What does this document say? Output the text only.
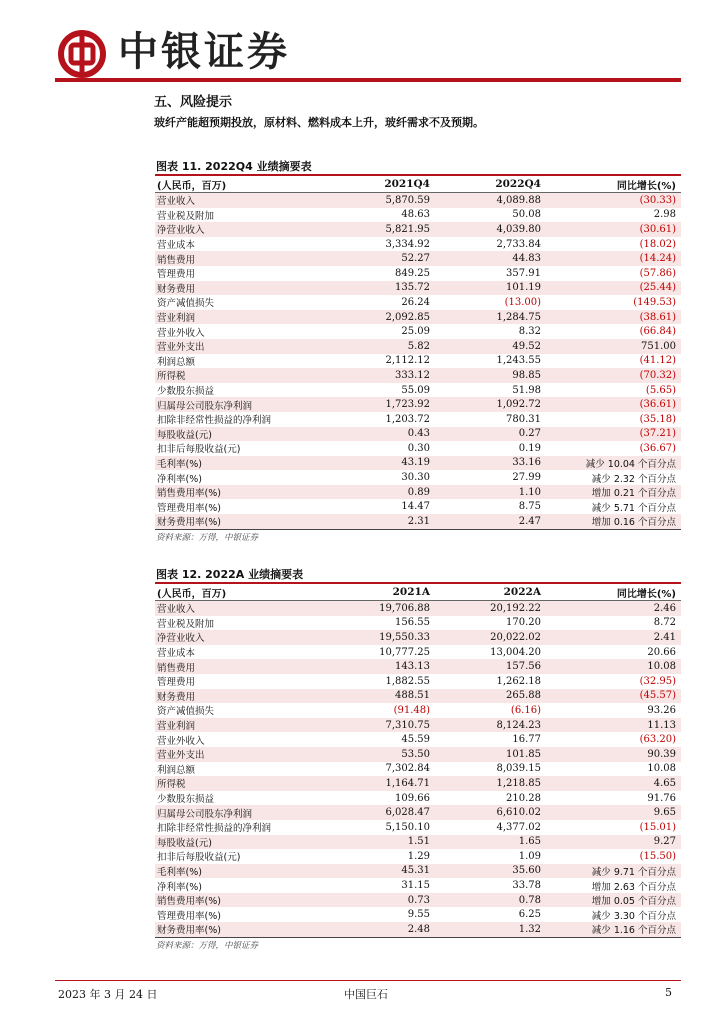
中银证券
五、风险提示
玻纤产能超预期投放，原材料、燃料成本上升，玻纤需求不及预期。
图表 11. 2022Q4 业绩摘要表
(人民币，百万)	2021Q4	2022Q4	同比增长(%)
营业收入	5,870.59	4,089.88	(30.33)
营业税及附加	48.63	50.08	2.98
净营业收入	5,821.95	4,039.80	(30.61)
营业成本	3,334.92	2,733.84	(18.02)
销售费用	52.27	44.83	(14.24)
管理费用	849.25	357.91	(57.86)
财务费用	135.72	101.19	(25.44)
资产减值损失	26.24	(13.00)	(149.53)
营业利润	2,092.85	1,284.75	(38.61)
营业外收入	25.09	8.32	(66.84)
营业外支出	5.82	49.52	751.00
利润总额	2,112.12	1,243.55	(41.12)
所得税	333.12	98.85	(70.32)
少数股东损益	55.09	51.98	(5.65)
归属母公司股东净利润	1,723.92	1,092.72	(36.61)
扣除非经常性损益的净利润	1,203.72	780.31	(35.18)
每股收益(元)	0.43	0.27	(37.21)
扣非后每股收益(元)	0.30	0.19	(36.67)
毛利率(%)	43.19	33.16	减少 10.04 个百分点
净利率(%)	30.30	27.99	减少 2.32 个百分点
销售费用率(%)	0.89	1.10	增加 0.21 个百分点
管理费用率(%)	14.47	8.75	减少 5.71 个百分点
财务费用率(%)	2.31	2.47	增加 0.16 个百分点
资料来源：万得，中银证券
图表 12. 2022A 业绩摘要表
(人民币，百万)	2021A	2022A	同比增长(%)
营业收入	19,706.88	20,192.22	2.46
营业税及附加	156.55	170.20	8.72
净营业收入	19,550.33	20,022.02	2.41
营业成本	10,777.25	13,004.20	20.66
销售费用	143.13	157.56	10.08
管理费用	1,882.55	1,262.18	(32.95)
财务费用	488.51	265.88	(45.57)
资产减值损失	(91.48)	(6.16)	93.26
营业利润	7,310.75	8,124.23	11.13
营业外收入	45.59	16.77	(63.20)
营业外支出	53.50	101.85	90.39
利润总额	7,302.84	8,039.15	10.08
所得税	1,164.71	1,218.85	4.65
少数股东损益	109.66	210.28	91.76
归属母公司股东净利润	6,028.47	6,610.02	9.65
扣除非经常性损益的净利润	5,150.10	4,377.02	(15.01)
每股收益(元)	1.51	1.65	9.27
扣非后每股收益(元)	1.29	1.09	(15.50)
毛利率(%)	45.31	35.60	减少 9.71 个百分点
净利率(%)	31.15	33.78	增加 2.63 个百分点
销售费用率(%)	0.73	0.78	增加 0.05 个百分点
管理费用率(%)	9.55	6.25	减少 3.30 个百分点
财务费用率(%)	2.48	1.32	减少 1.16 个百分点
资料来源：万得，中银证券
2023 年 3 月 24 日	中国巨石	5
